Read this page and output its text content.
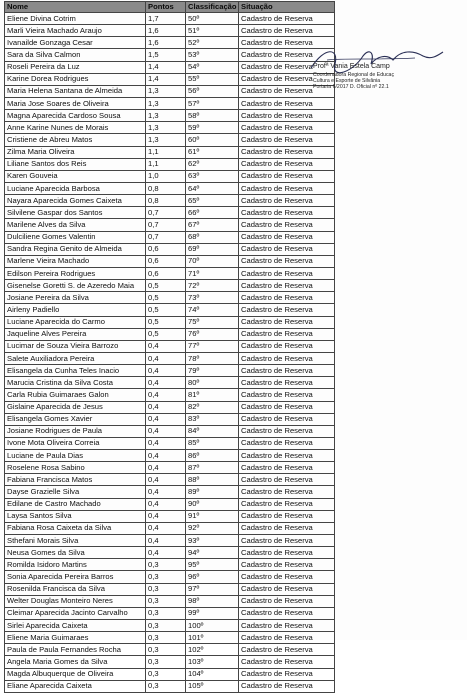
Nome	Pontos	Classificação	Situação
Eliene Divina Cotrim	1,7	50º	Cadastro de Reserva
Marli Vieira Machado Araujo	1,6	51º	Cadastro de Reserva
Ivanailde Gonzaga Cesar	1,6	52º	Cadastro de Reserva
Sara da Silva Calmon	1,5	53º	Cadastro de Reserva
Roseli Pereira da Luz	1,4	54º	Cadastro de Reserva
Karine Dorea Rodrigues	1,4	55º	Cadastro de Reserva
Maria Helena Santana de Almeida	1,3	56º	Cadastro de Reserva
Maria Jose Soares de Oliveira	1,3	57º	Cadastro de Reserva
Magna Aparecida Cardoso Sousa	1,3	58º	Cadastro de Reserva
Anne Karine Nunes de Morais	1,3	59º	Cadastro de Reserva
Cristiene de Abreu Matos	1,3	60º	Cadastro de Reserva
Zilma Maria Oliveira	1,1	61º	Cadastro de Reserva
Liliane Santos dos Reis	1,1	62º	Cadastro de Reserva
Karen Gouveia	1,0	63º	Cadastro de Reserva
Luciane Aparecida Barbosa	0,8	64º	Cadastro de Reserva
Nayara Aparecida Gomes Caixeta	0,8	65º	Cadastro de Reserva
Silvilene Gaspar dos Santos	0,7	66º	Cadastro de Reserva
Marilene Alves da Silva	0,7	67º	Cadastro de Reserva
Dulciliene Gomes Valentin	0,7	68º	Cadastro de Reserva
Sandra Regina Genito de Almeida	0,6	69º	Cadastro de Reserva
Marlene Vieira Machado	0,6	70º	Cadastro de Reserva
Edilson Pereira Rodrigues	0,6	71º	Cadastro de Reserva
Gisenelse Goretti S. de Azeredo Maia	0,5	72º	Cadastro de Reserva
Josiane Pereira da Silva	0,5	73º	Cadastro de Reserva
Airleny Padiello	0,5	74º	Cadastro de Reserva
Luciane Aparecida do Carmo	0,5	75º	Cadastro de Reserva
Jaqueline Alves Pereira	0,5	76º	Cadastro de Reserva
Lucimar de Souza Vieira Barrozo	0,4	77º	Cadastro de Reserva
Salete Auxiliadora Pereira	0,4	78º	Cadastro de Reserva
Elisangela da Cunha Teles Inacio	0,4	79º	Cadastro de Reserva
Marucia Cristina da Silva Costa	0,4	80º	Cadastro de Reserva
Carla Rubia Guimaraes Galon	0,4	81º	Cadastro de Reserva
Gislaine Aparecida de Jesus	0,4	82º	Cadastro de Reserva
Elisangela Gomes Xavier	0,4	83º	Cadastro de Reserva
Josiane Rodrigues de Paula	0,4	84º	Cadastro de Reserva
Ivone Mota Oliveira Correia	0,4	85º	Cadastro de Reserva
Luciane de Paula Dias	0,4	86º	Cadastro de Reserva
Roselene Rosa Sabino	0,4	87º	Cadastro de Reserva
Fabiana Francisca Matos	0,4	88º	Cadastro de Reserva
Dayse Grazielle Silva	0,4	89º	Cadastro de Reserva
Edilane de Castro Machado	0,4	90º	Cadastro de Reserva
Laysa Santos Silva	0,4	91º	Cadastro de Reserva
Fabiana Rosa Caixeta da Silva	0,4	92º	Cadastro de Reserva
Sthefani Morais Silva	0,4	93º	Cadastro de Reserva
Neusa Gomes da Silva	0,4	94º	Cadastro de Reserva
Romilda Isidoro Martins	0,3	95º	Cadastro de Reserva
Sonia Aparecida Pereira Barros	0,3	96º	Cadastro de Reserva
Rosenilda Francisca da Silva	0,3	97º	Cadastro de Reserva
Welter Douglas Monteiro Neres	0,3	98º	Cadastro de Reserva
Cleimar Aparecida Jacinto Carvalho	0,3	99º	Cadastro de Reserva
Sirlei Aparecida Caixeta	0,3	100º	Cadastro de Reserva
Eliene Maria Guimaraes	0,3	101º	Cadastro de Reserva
Paula de Paula Fernandes Rocha	0,3	102º	Cadastro de Reserva
Angela Maria Gomes da Silva	0,3	103º	Cadastro de Reserva
Magda Albuquerque de Oliveira	0,3	104º	Cadastro de Reserva
Eliane Aparecida Caixeta	0,3	105º	Cadastro de Reserva
Profª Vania Estela Camp
Coordenadora Regional de Educaç
Cultura e Esporte de Silvânia
Portaria 6/2017 D. Oficial nº 22.1
